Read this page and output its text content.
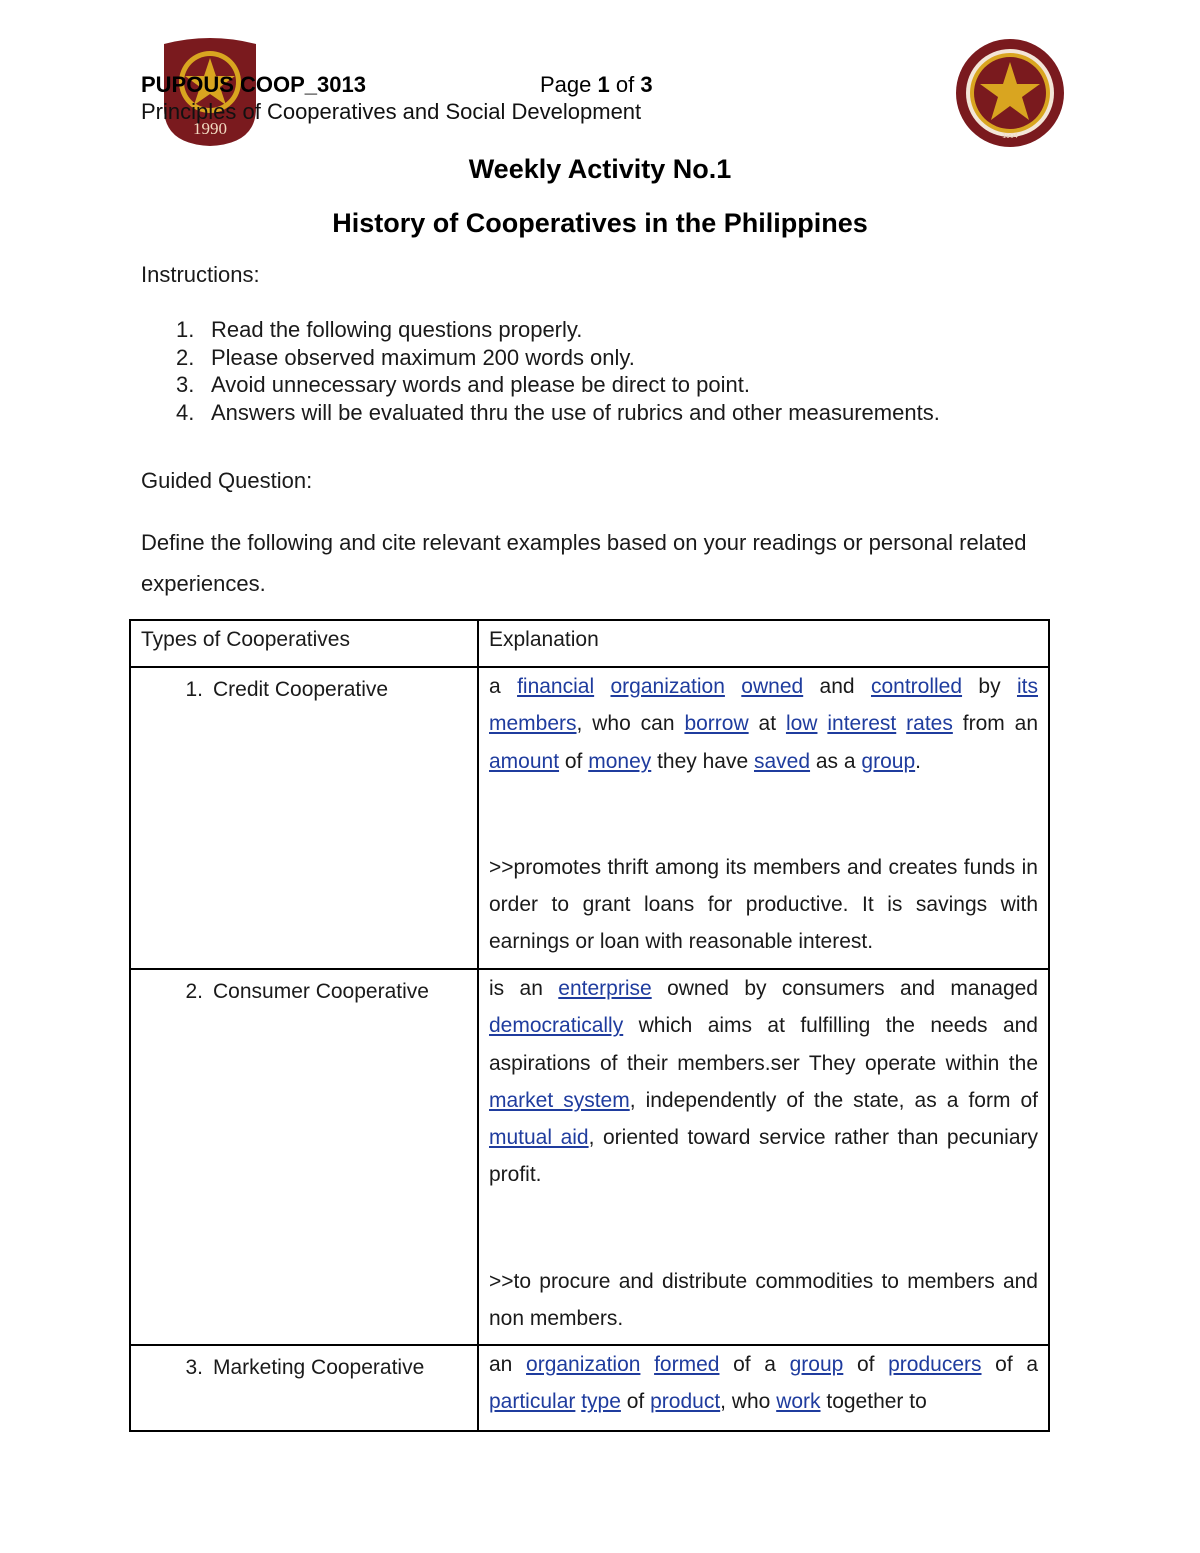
1990	1904
PUPOUS COOP_3013	Page 1 of 3
Principles of Cooperatives and Social Development
Weekly Activity No.1
History of Cooperatives in the Philippines
Instructions:
1. Read the following questions properly.
2. Please observed maximum 200 words only.
3. Avoid unnecessary words and please be direct to point.
4. Answers will be evaluated thru the use of rubrics and other measurements.
Guided Question:
Define the following and cite relevant examples based on your readings or personal related experiences.
Types of Cooperatives	Explanation
1. Credit Cooperative	a financial organization owned and controlled by its members, who can borrow at low interest rates from an amount of money they have saved as a group.

>>promotes thrift among its members and creates funds in order to grant loans for productive. It is savings with earnings or loan with reasonable interest.

2. Consumer Cooperative	is an enterprise owned by consumers and managed democratically which aims at fulfilling the needs and aspirations of their members.ser They operate within the market system, independently of the state, as a form of mutual aid, oriented toward service rather than pecuniary profit.

>>to procure and distribute commodities to members and non members.

3. Marketing Cooperative	an organization formed of a group of producers of a particular type of product, who work together to
